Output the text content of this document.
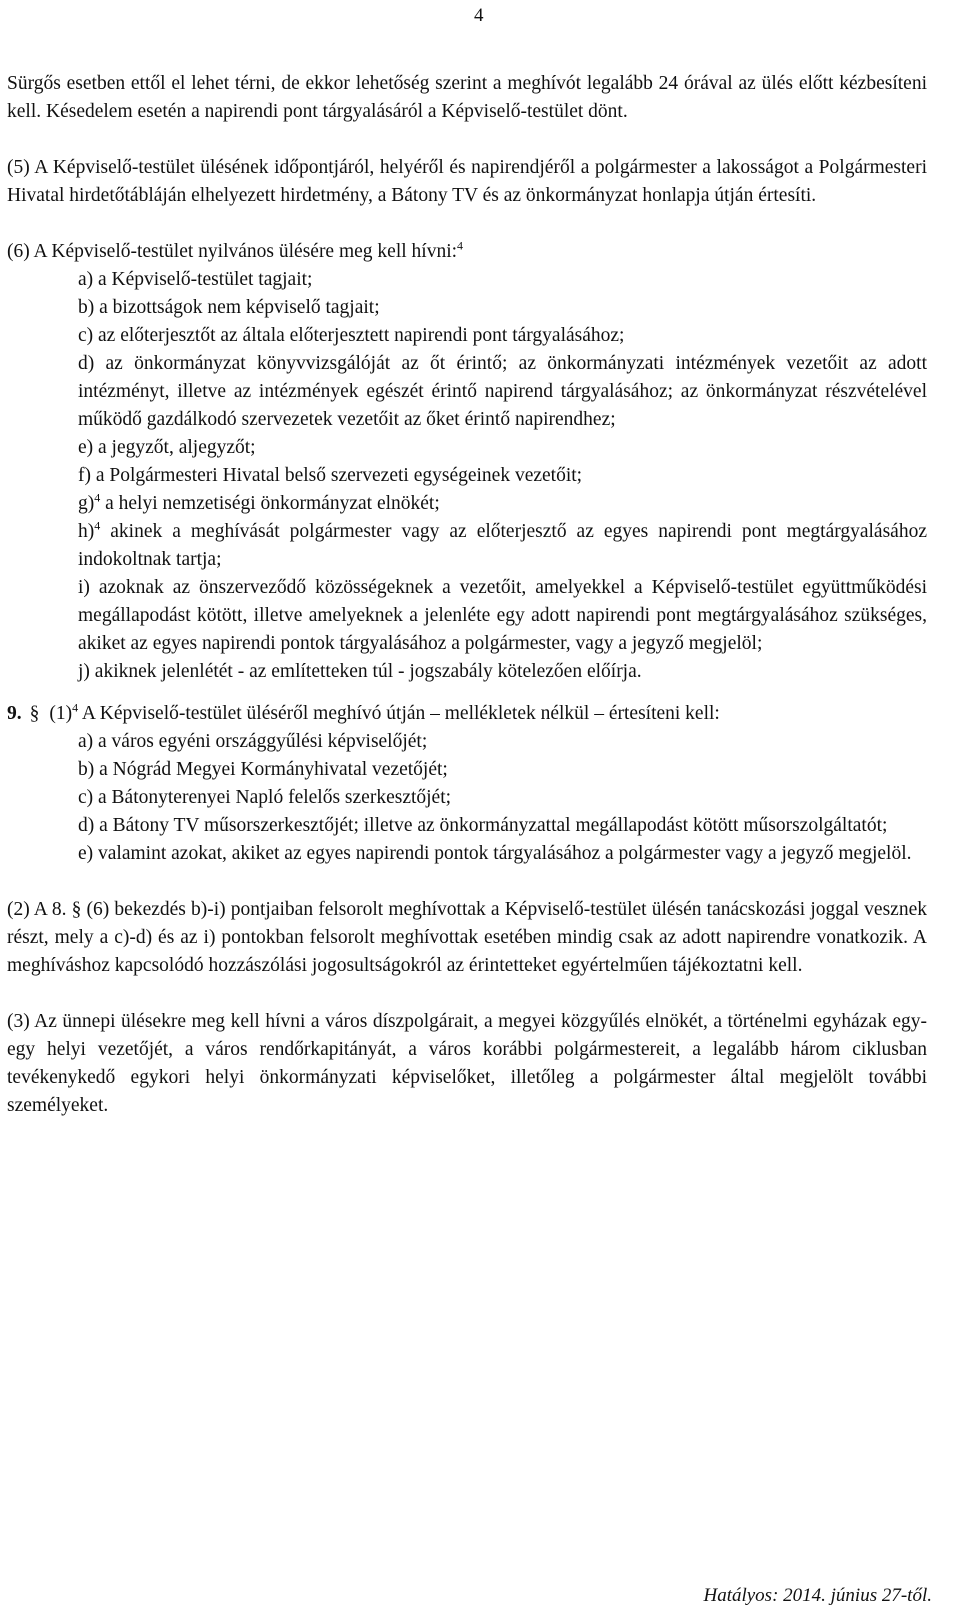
4

Sürgős esetben ettől el lehet térni, de ekkor lehetőség szerint a meghívót legalább 24 órával az ülés előtt kézbesíteni kell. Késedelem esetén a napirendi pont tárgyalásáról a Képviselő-testület dönt.

(5) A Képviselő-testület ülésének időpontjáról, helyéről és napirendjéről a polgármester a lakosságot a Polgármesteri Hivatal hirdetőtábláján elhelyezett hirdetmény, a Bátony TV és az önkormányzat honlapja útján értesíti.

(6) A Képviselő-testület nyilvános ülésére meg kell hívni:$^4$

a) a Képviselő-testület tagjait;

b) a bizottságok nem képviselő tagjait;

c) az előterjesztőt az általa előterjesztett napirendi pont tárgyalásához;

d) az önkormányzat könyvvizsgálóját az őt érintő; az önkormányzati intézmények vezetőit az adott intézményt, illetve az intézmények egészét érintő napirend tárgyalásához; az önkormányzat részvételével működő gazdálkodó szervezetek vezetőit az őket érintő napirendhez;

e) a jegyzőt, aljegyzőt;

f) a Polgármesteri Hivatal belső szervezeti egységeinek vezetőit;

g)$^4$ a helyi nemzetiségi önkormányzat elnökét;

h)$^4$ akinek a meghívását polgármester vagy az előterjesztő az egyes napirendi pont megtárgyalásához indokoltnak tartja;

i) azoknak az önszerveződő közösségeknek a vezetőit, amelyekkel a Képviselő-testület együttműködési megállapodást kötött, illetve amelyeknek a jelenléte egy adott napirendi pont megtárgyalásához szükséges, akiket az egyes napirendi pontok tárgyalásához a polgármester, vagy a jegyző megjelöl;

j) akiknek jelenlétét - az említetteken túl - jogszabály kötelezően előírja.

9. § $(1)^4$ A Képviselő-testület üléséről meghívó útján – mellékletek nélkül – értesíteni kell:

a) a város egyéni országgyűlési képviselőjét;

b) a Nógrád Megyei Kormányhivatal vezetőjét;

c) a Bátonyterenyei Napló felelős szerkesztőjét;

d) a Bátony TV műsorszerkesztőjét; illetve az önkormányzattal megállapodást kötött műsorszolgáltatót;

e) valamint azokat, akiket az egyes napirendi pontok tárgyalásához a polgármester vagy a jegyző megjelöl.

(2) A 8. § (6) bekezdés b)-i) pontjaiban felsorolt meghívottak a Képviselő-testület ülésén tanácskozási joggal vesznek részt, mely a c)-d) és az i) pontokban felsorolt meghívottak esetében mindig csak az adott napirendre vonatkozik. A meghíváshoz kapcsolódó hozzászólási jogosultságokról az érintetteket egyértelműen tájékoztatni kell.

(3) Az ünnepi ülésekre meg kell hívni a város díszpolgárait, a megyei közgyűlés elnökét, a történelmi egyházak egy-egy helyi vezetőjét, a város rendőrkapitányát, a város korábbi polgármestereit, a legalább három ciklusban tevékenykedő egykori helyi önkormányzati képviselőket, illetőleg a polgármester által megjelölt további személyeket.

Hatályos: 2014. június 27-től.
